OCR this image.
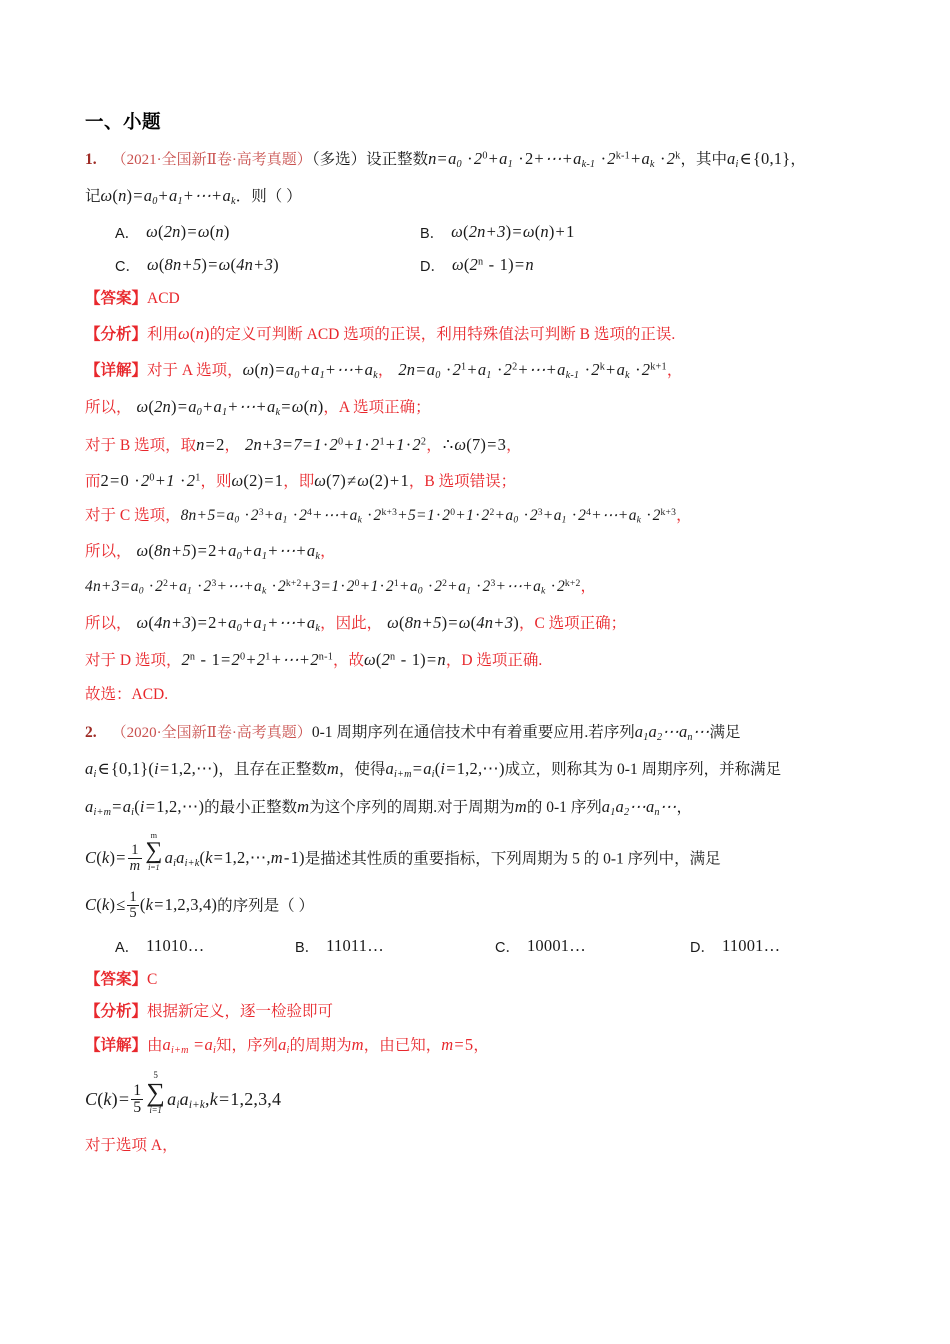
一、小题
1. （2021·全国新Ⅱ卷·高考真题）（多选）设正整数$n=a_0 \cdot 2^0+a_1$ $\cdot 2+\cdots+a_{k-1} \cdot 2^{k-1}+a_k \cdot 2^k$，其中$a_i\in\{0,1\}$，
记$\omega(n)=a_0+a_1+\cdots+a_k$．则（ ）
A． ω(2n)=ω(n)	B． ω(2n+3)=ω(n)+1
C． ω(8n+5)=ω(4n+3)	D． ω(2$^n$ - 1)=n
【答案】ACD
【分析】利用ω(n)的定义可判断 ACD 选项的正误，利用特殊值法可判断 B 选项的正误.
【详解】对于 A 选项，$\omega(n)=a_0+a_1+\cdots+a_k$， $2n=a_0 \cdot 2^1+a_1$ $\cdot 2^2+\cdots+a_{k-1} \cdot 2^k+a_k \cdot 2^{k+1}$，
所以， $\omega(2n)=a_0+a_1+\cdots+a_k=\omega(n)$，A 选项正确；
对于 B 选项，取n=2， $2n+3=7=1\cdot 2^0+1\cdot 2^1+1\cdot 2^2$，∴ω(7)=3，
而$2=0 \cdot 2^0+1 \cdot 2^1$，则ω(2)=1，即ω(7)≠ω(2)+1，B 选项错误；
对于 C 选项，$8n+5=a_0 \cdot 2^3+a_1$ $\cdot 2^4+\cdots+a_k \cdot 2^{k+3}+5=1\cdot 2^0+1\cdot 2^2+a_0 \cdot 2^3+a_1$ $\cdot 2^4+\cdots+a_k \cdot 2^{k+3}$，
所以， $\omega(8n+5)=2+a_0+a_1+\cdots+a_k$，
$4n+3=a_0 \cdot 2^2+a_1$ $\cdot 2^3+\cdots+a_k \cdot 2^{k+2}+3=1\cdot 2^0+1\cdot 2^1+a_0 \cdot 2^2+a_1$ $\cdot 2^3+\cdots+a_k \cdot 2^{k+2}$，
所以， $\omega(4n+3)=2+a_0+a_1+\cdots+a_k$，因此， ω(8n+5)=ω(4n+3)，C 选项正确；
对于 D 选项，$2^n - 1=2^0+2^1+\cdots+2^{n-1}$，故ω(2$^n$ - 1)=n，D 选项正确.
故选：ACD.
2. （2020·全国新Ⅱ卷·高考真题）0-1 周期序列在通信技术中有着重要应用.若序列$a_1a_2\cdots a_n\cdots$满足
$a_i\in\{0,1\}(i=1,2,\cdots)$，且存在正整数m，使得$a_{i+m}=a_i(i=1,2,\cdots)$成立，则称其为 0-1 周期序列，并称满足
$a_{i+m}=a_i(i=1,2,\cdots)$的最小正整数m为这个序列的周期.对于周期为m的 0-1 序列$a_1a_2\cdots a_n\cdots$，
$C(k)= \frac{1}{m}$
m
∑
i=1
$a_ia_{i+k}(k=1,2,\cdots,m-1)$是描述其性质的重要指标，下列周期为 5 的 0-1 序列中，满足
$C(k)\le \frac{1}{5} (k=1,2,3,4)$的序列是（ ）
A． 11010…	B． 11011…	C． 10001…	D． 11001…
【答案】C
【分析】根据新定义，逐一检验即可
【详解】由$a_{i+m} =a_i$知，序列$a_i$的周期为m，由已知，m=5，
$C(k)= \frac{1}{5}$
5
∑
i=1
$a_ia_{i+k},k=1,2,3,4$
对于选项 A，
